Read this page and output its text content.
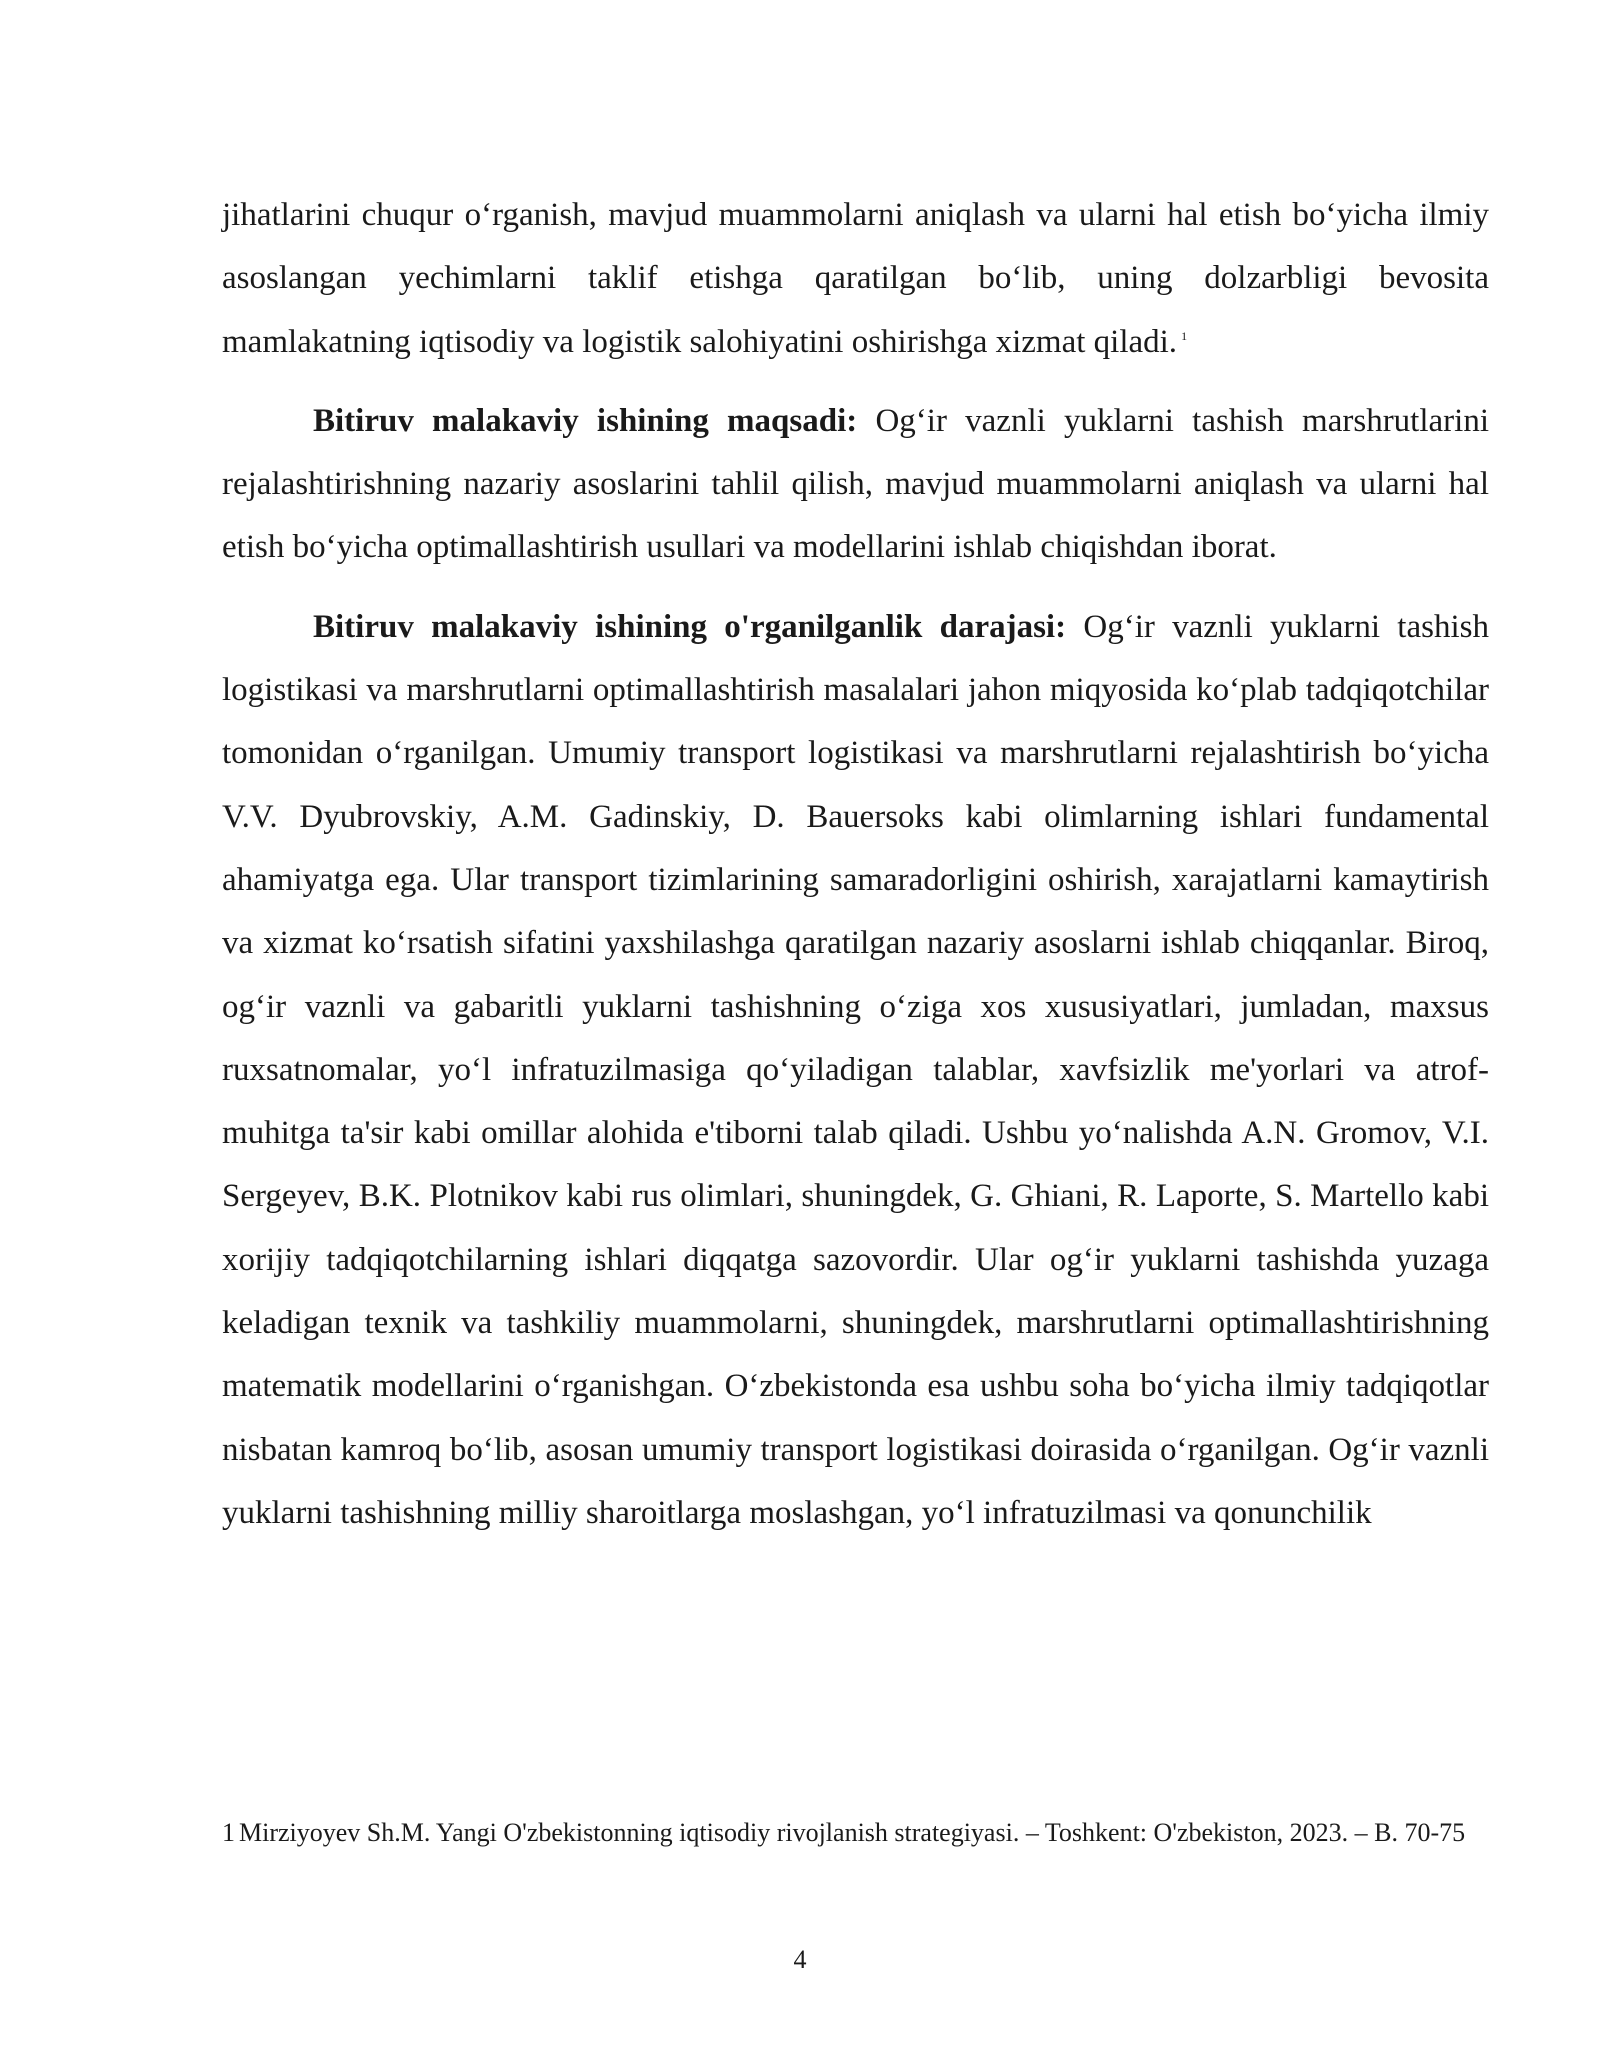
jihatlarini chuqur o‘rganish, mavjud muammolarni aniqlash va ularni hal etish bo‘yicha ilmiy asoslangan yechimlarni taklif etishga qaratilgan bo‘lib, uning dolzarbligi bevosita mamlakatning iqtisodiy va logistik salohiyatini oshirishga xizmat qiladi. $^1$

Bitiruv malakaviy ishining maqsadi: Og‘ir vaznli yuklarni tashish marshrutlarini rejalashtirishning nazariy asoslarini tahlil qilish, mavjud muammolarni aniqlash va ularni hal etish bo‘yicha optimallashtirish usullari va modellarini ishlab chiqishdan iborat.

Bitiruv malakaviy ishining o'rganilganlik darajasi: Og‘ir vaznli yuklarni tashish logistikasi va marshrutlarni optimallashtirish masalalari jahon miqyosida ko‘plab tadqiqotchilar tomonidan o‘rganilgan. Umumiy transport logistikasi va marshrutlarni rejalashtirish bo‘yicha V.V. Dyubrovskiy, A.M. Gadinskiy, D. Bauersoks kabi olimlarning ishlari fundamental ahamiyatga ega. Ular transport tizimlarining samaradorligini oshirish, xarajatlarni kamaytirish va xizmat ko‘rsatish sifatini yaxshilashga qaratilgan nazariy asoslarni ishlab chiqqanlar. Biroq, og‘ir vaznli va gabaritli yuklarni tashishning o‘ziga xos xususiyatlari, jumladan, maxsus ruxsatnomalar, yo‘l infratuzilmasiga qo‘yiladigan talablar, xavfsizlik me'yorlari va atrof-muhitga ta'sir kabi omillar alohida e'tiborni talab qiladi. Ushbu yo‘nalishda A.N. Gromov, V.I. Sergeyev, B.K. Plotnikov kabi rus olimlari, shuningdek, G. Ghiani, R. Laporte, S. Martello kabi xorijiy tadqiqotchilarning ishlari diqqatga sazovordir. Ular og‘ir yuklarni tashishda yuzaga keladigan texnik va tashkiliy muammolarni, shuningdek, marshrutlarni optimallashtirishning matematik modellarini o‘rganishgan. O‘zbekistonda esa ushbu soha bo‘yicha ilmiy tadqiqotlar nisbatan kamroq bo‘lib, asosan umumiy transport logistikasi doirasida o‘rganilgan. Og‘ir vaznli yuklarni tashishning milliy sharoitlarga moslashgan, yo‘l infratuzilmasi va qonunchilik

1 Mirziyoyev Sh.M. Yangi O'zbekistonning iqtisodiy rivojlanish strategiyasi. – Toshkent: O'zbekiston, 2023. – B. 70-75
4
